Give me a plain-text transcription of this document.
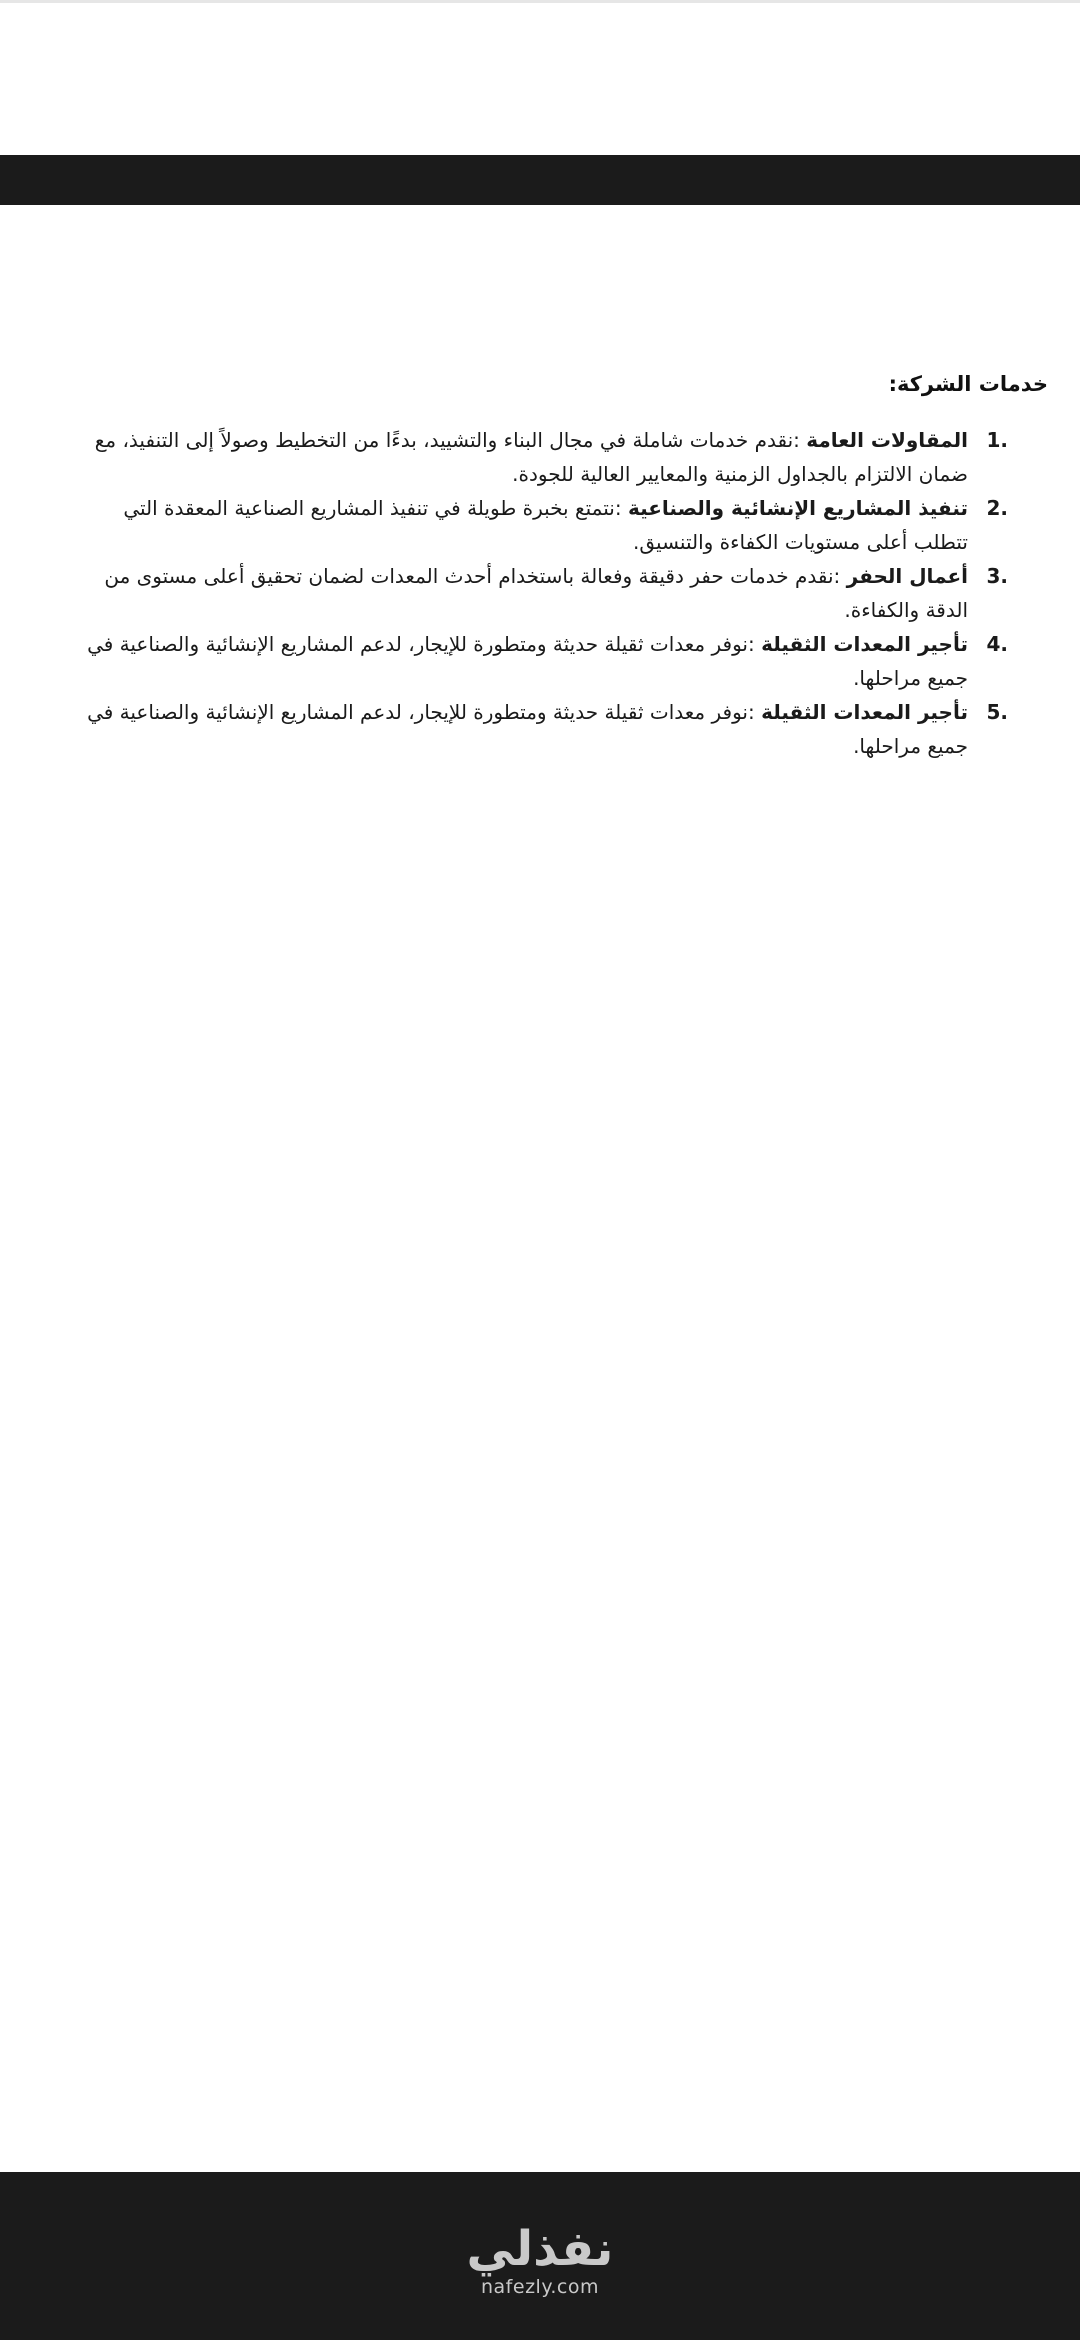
خدمات الشركة:
1.
المقاولات العامة :نقدم خدمات شاملة في مجال البناء والتشييد، بدءًا من التخطيط وصولاً إلى التنفيذ، مع ضمان الالتزام بالجداول الزمنية والمعايير العالية للجودة.
2.
تنفيذ المشاريع الإنشائية والصناعية :نتمتع بخبرة طويلة في تنفيذ المشاريع الصناعية المعقدة التي تتطلب أعلى مستويات الكفاءة والتنسيق.
3.
أعمال الحفر :نقدم خدمات حفر دقيقة وفعالة باستخدام أحدث المعدات لضمان تحقيق أعلى مستوى من الدقة والكفاءة.
4.
تأجير المعدات الثقيلة :نوفر معدات ثقيلة حديثة ومتطورة للإيجار، لدعم المشاريع الإنشائية والصناعية في جميع مراحلها.
5.
تأجير المعدات الثقيلة :نوفر معدات ثقيلة حديثة ومتطورة للإيجار، لدعم المشاريع الإنشائية والصناعية في جميع مراحلها.
نفذلي
nafezly.com
